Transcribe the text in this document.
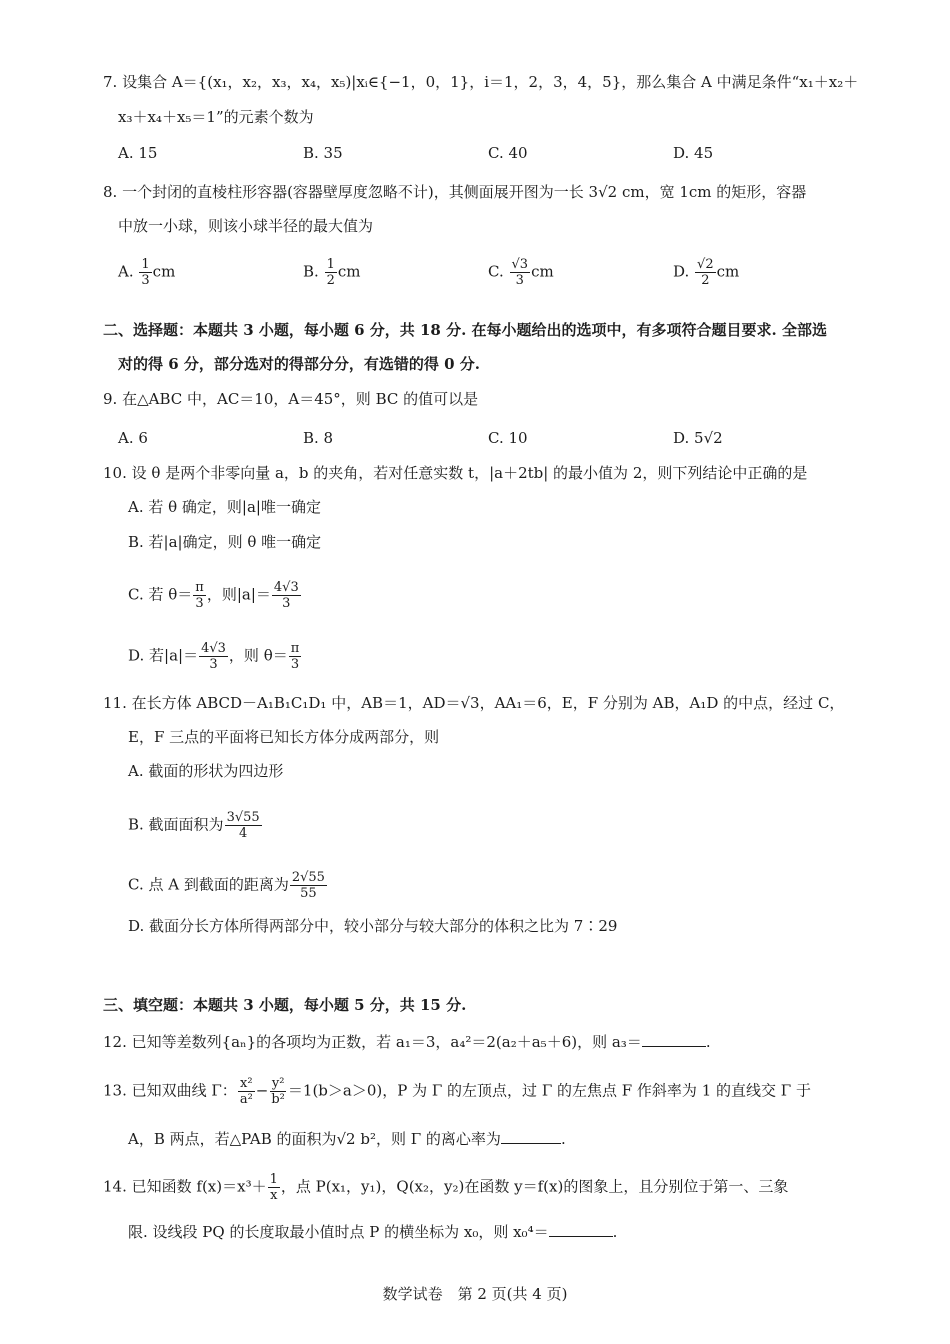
7. 设集合 A＝{(x₁，x₂，x₃，x₄，x₅)|xᵢ∈{−1，0，1}，i＝1，2，3，4，5}，那么集合 A 中满足条件“x₁＋x₂＋
x₃＋x₄＋x₅＝1”的元素个数为
A. 15	B. 35	C. 40	D. 45
8. 一个封闭的直棱柱形容器(容器壁厚度忽略不计)，其侧面展开图为一长 3√2 cm，宽 1cm 的矩形，容器
中放一小球，则该小球半径的最大值为
A. $\frac{1}{3}$ cm	B. $\frac{1}{2}$ cm	C. $\frac{√3}{3}$ cm	D. $\frac{√2}{2}$ cm
二、选择题：本题共 3 小题，每小题 6 分，共 18 分. 在每小题给出的选项中，有多项符合题目要求. 全部选
对的得 6 分，部分选对的得部分分，有选错的得 0 分.
9. 在△ABC 中，AC＝10，A＝45°，则 BC 的值可以是
A. 6	B. 8	C. 10	D. 5√2
10. 设 θ 是两个非零向量 a，b 的夹角，若对任意实数 t，|a＋2tb| 的最小值为 2，则下列结论中正确的是
A. 若 θ 确定，则|a|唯一确定
B. 若|a|确定，则 θ 唯一确定
C. 若 $\theta= \frac{\pi}{3}$ ，则$|a|= \frac{4√3}{3}$
D. 若$|a|= \frac{4√3}{3}$ ，则 $\theta= \frac{\pi}{3}$
11. 在长方体 ABCD－A₁B₁C₁D₁ 中，AB＝1，AD＝√3，AA₁＝6，E，F 分别为 AB，A₁D 的中点，经过 C，
E，F 三点的平面将已知长方体分成两部分，则
A. 截面的形状为四边形
B. 截面面积为 $\frac{3√55}{4}$
C. 点 A 到截面的距离为 $\frac{2√55}{55}$
D. 截面分长方体所得两部分中，较小部分与较大部分的体积之比为 7∶29
三、填空题：本题共 3 小题，每小题 5 分，共 15 分.
12. 已知等差数列{aₙ}的各项均为正数，若 a₁＝3，a₄²＝2(a₂＋a₅＋6)，则 a₃＝	.
13. 已知双曲线 Γ： $\frac{\text{x²}}{\text{a²}} - \frac{\text{y²}}{\text{b²}} =1(b>a>0)$，P 为 Γ 的左顶点，过 Γ 的左焦点 F 作斜率为 1 的直线交 Γ 于
A，B 两点，若△PAB 的面积为√2 b²，则 Γ 的离心率为	.
14. 已知函数 $f(x)=x^3+ \frac{1}{x}$ ，点 P(x₁，y₁)，Q(x₂，y₂)在函数 y＝f(x)的图象上，且分别位于第一、三象
限. 设线段 PQ 的长度取最小值时点 P 的横坐标为 x₀，则 x₀⁴＝	.
数学试卷　第 2 页(共 4 页)
